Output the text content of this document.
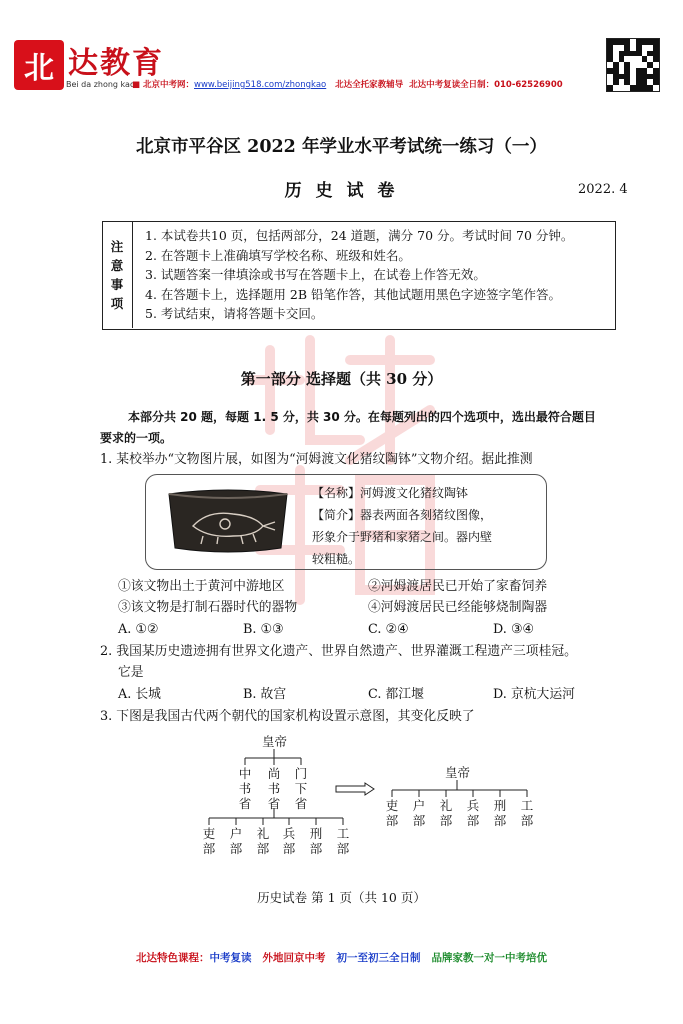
北 达教育
Bei da zhong kao
■ 北京中考网：www.beijing518.com/zhongkao 北达全托家教辅导 北达中考复读全日制：010-62526900
北京市平谷区 2022 年学业水平考试统一练习（一）
历 史 试 卷	2022. 4
注
意
事
项
1. 本试卷共10 页，包括两部分，24 道题，满分 70 分。考试时间 70 分钟。
2. 在答题卡上准确填写学校名称、班级和姓名。
3. 试题答案一律填涂或书写在答题卡上，在试卷上作答无效。
4. 在答题卡上，选择题用 2B 铅笔作答，其他试题用黑色字迹签字笔作答。
5. 考试结束，请将答题卡交回。
第一部分 选择题（共 30 分）
本部分共 20 题，每题 1. 5 分，共 30 分。在每题列出的四个选项中，选出最符合题目
要求的一项。
1. 某校举办“文物图片展，如图为“河姆渡文化猪纹陶钵”文物介绍。据此推测
【名称】河姆渡文化猪纹陶钵
【简介】器表两面各刻猪纹图像，
形象介于野猪和家猪之间。器内壁
较粗糙。
①该文物出土于黄河中游地区	②河姆渡居民已开始了家畜饲养
③该文物是打制石器时代的器物	④河姆渡居民已经能够烧制陶器
A. ①②	B. ①③	C. ②④	D. ③④
2. 我国某历史遗迹拥有世界文化遗产、世界自然遗产、世界灌溉工程遗产三项桂冠。
它是
A. 长城	B. 故宫	C. 都江堰	D. 京杭大运河
3. 下图是我国古代两个朝代的国家机构设置示意图，其变化反映了
皇帝
中书省
尚书省
门下省
吏部
户部
礼部
兵部
刑部
工部
皇帝
吏部
户部
礼部
兵部
刑部
工部
历史试卷 第 1 页（共 10 页）
北达特色课程：中考复读 外地回京中考 初一至初三全日制 品牌家教一对一中考培优
